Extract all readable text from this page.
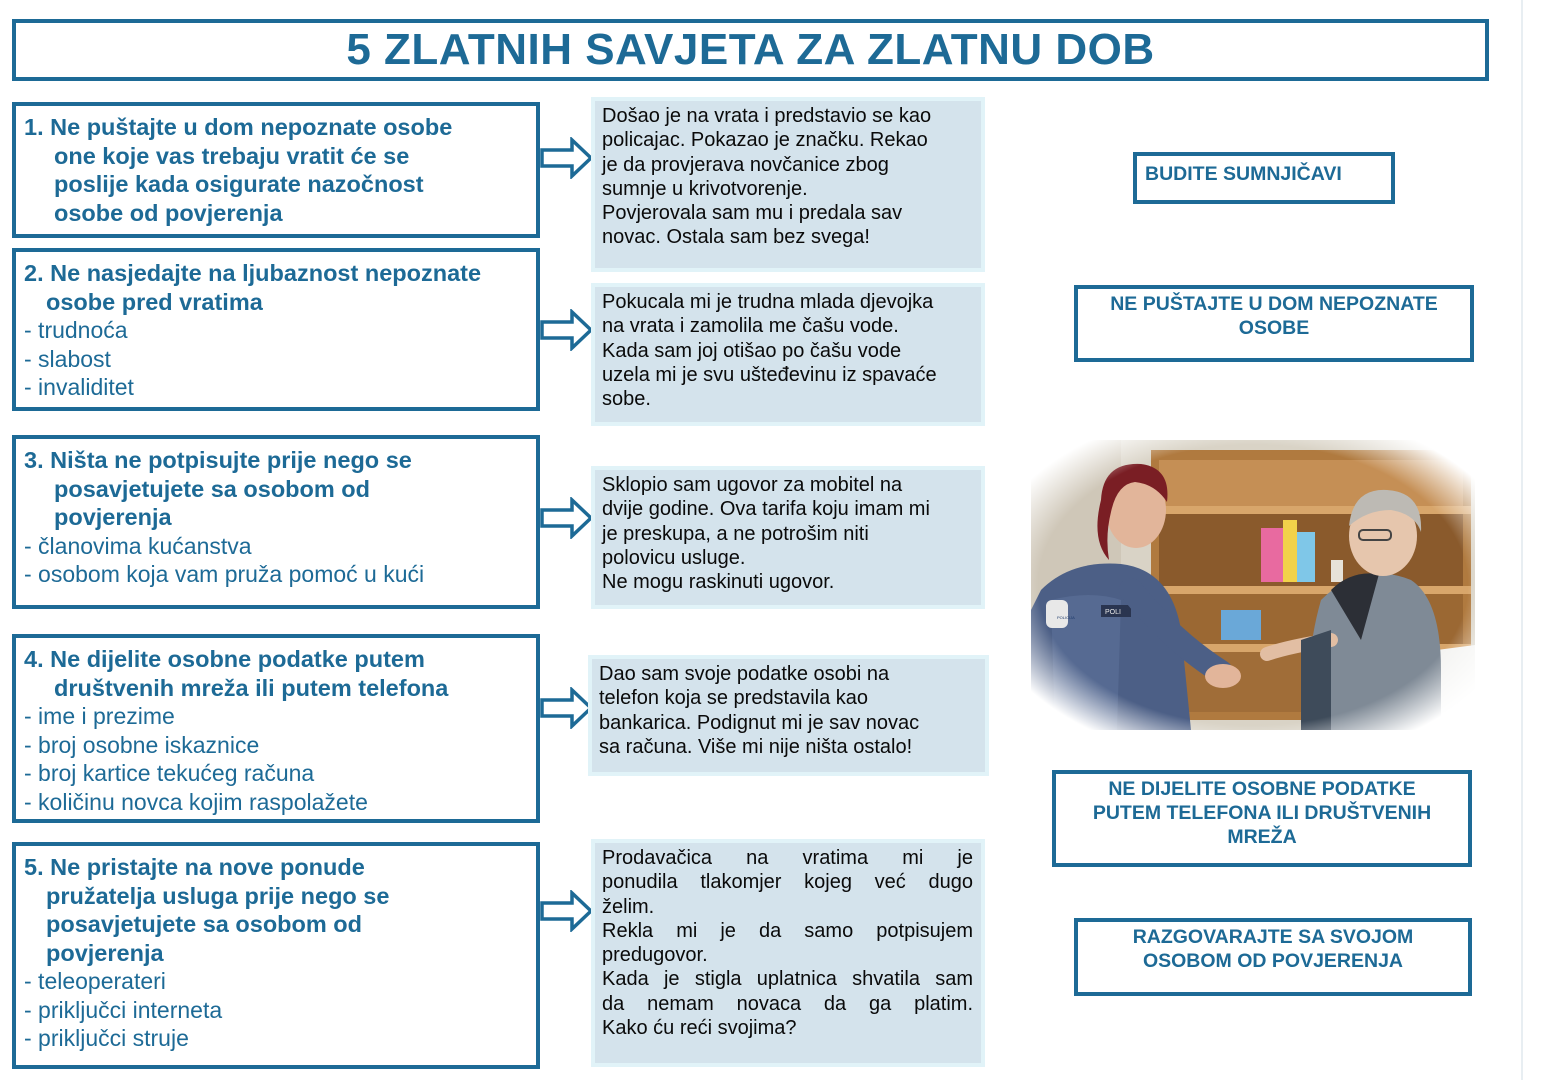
5 ZLATNIH SAVJETA ZA ZLATNU DOB
1. Ne puštajte u dom nepoznate osobe
one koje vas trebaju vratit će se
poslije kada osigurate nazočnost
osobe od povjerenja
2. Ne nasjedajte na ljubaznost nepoznate
osobe pred vratima
- trudnoća
- slabost
- invaliditet
3. Ništa ne potpisujte prije nego se
posavjetujete sa osobom od
povjerenja
- članovima kućanstva
- osobom koja vam pruža pomoć u kući
4. Ne dijelite osobne podatke putem
društvenih mreža ili putem telefona
- ime i prezime
- broj osobne iskaznice
- broj kartice tekućeg računa
- količinu novca kojim raspolažete
5. Ne pristajte na nove ponude
pružatelja usluga prije nego se
posavjetujete sa osobom od
povjerenja
- teleoperateri
- priključci interneta
- priključci struje
Došao je na vrata i predstavio se kao
policajac. Pokazao je značku. Rekao
je da provjerava novčanice zbog
sumnje u krivotvorenje.
Povjerovala sam mu i predala sav
novac. Ostala sam bez svega!
Pokucala mi je trudna mlada djevojka
na vrata i zamolila me čašu vode.
Kada sam joj otišao po čašu vode
uzela mi je svu ušteđevinu iz spavaće
sobe.
Sklopio sam ugovor za mobitel na
dvije godine. Ova tarifa koju imam mi
je preskupa, a ne potrošim niti
polovicu usluge.
Ne mogu raskinuti ugovor.
Dao sam svoje podatke osobi na
telefon koja se predstavila kao
bankarica. Podignut mi je sav novac
sa računa. Više mi nije ništa ostalo!
Prodavačica na vratima mi je
ponudila tlakomjer kojeg već dugo
želim.
Rekla mi je da samo potpisujem
predugovor.
Kada je stigla uplatnica shvatila sam
da nemam novaca da ga platim.
Kako ću reći svojima?
BUDITE SUMNJIČAVI
NE PUŠTAJTE U DOM NEPOZNATE
OSOBE
NE DIJELITE OSOBNE PODATKE
PUTEM TELEFONA ILI DRUŠTVENIH
MREŽA
RAZGOVARAJTE SA SVOJOM
OSOBOM OD POVJERENJA
POLICIJA
POLI
